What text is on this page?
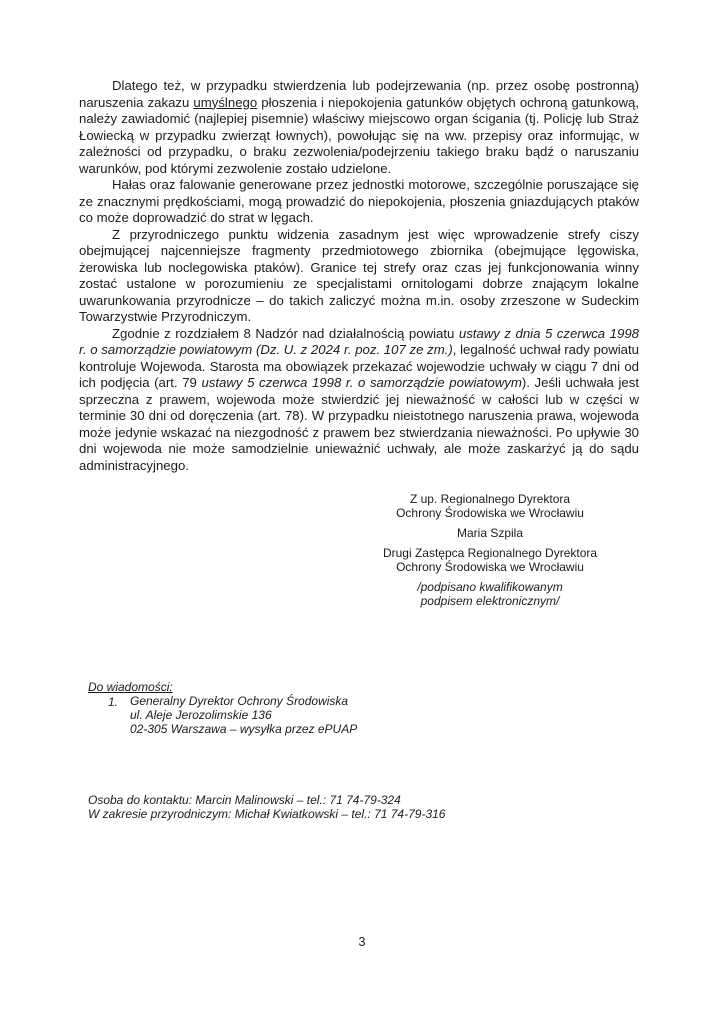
Dlatego też, w przypadku stwierdzenia lub podejrzewania (np. przez osobę postronną) naruszenia zakazu umyślnego płoszenia i niepokojenia gatunków objętych ochroną gatunkową, należy zawiadomić (najlepiej pisemnie) właściwy miejscowo organ ścigania (tj. Policję lub Straż Łowiecką w przypadku zwierząt łownych), powołując się na ww. przepisy oraz informując, w zależności od przypadku, o braku zezwolenia/podejrzeniu takiego braku bądź o naruszaniu warunków, pod którymi zezwolenie zostało udzielone.

Hałas oraz falowanie generowane przez jednostki motorowe, szczególnie poruszające się ze znacznymi prędkościami, mogą prowadzić do niepokojenia, płoszenia gniazdujących ptaków co może doprowadzić do strat w lęgach.

Z przyrodniczego punktu widzenia zasadnym jest więc wprowadzenie strefy ciszy obejmującej najcenniejsze fragmenty przedmiotowego zbiornika (obejmujące lęgowiska, żerowiska lub noclegowiska ptaków). Granice tej strefy oraz czas jej funkcjonowania winny zostać ustalone w porozumieniu ze specjalistami ornitologami dobrze znającym lokalne uwarunkowania przyrodnicze – do takich zaliczyć można m.in. osoby zrzeszone w Sudeckim Towarzystwie Przyrodniczym.

Zgodnie z rozdziałem 8 Nadzór nad działalnością powiatu ustawy z dnia 5 czerwca 1998 r. o samorządzie powiatowym (Dz. U. z 2024 r. poz. 107 ze zm.), legalność uchwał rady powiatu kontroluje Wojewoda. Starosta ma obowiązek przekazać wojewodzie uchwały w ciągu 7 dni od ich podjęcia (art. 79 ustawy 5 czerwca 1998 r. o samorządzie powiatowym). Jeśli uchwała jest sprzeczna z prawem, wojewoda może stwierdzić jej nieważność w całości lub w części w terminie 30 dni od doręczenia (art. 78). W przypadku nieistotnego naruszenia prawa, wojewoda może jedynie wskazać na niezgodność z prawem bez stwierdzania nieważności. Po upływie 30 dni wojewoda nie może samodzielnie unieważnić uchwały, ale może zaskarżyć ją do sądu administracyjnego.

Z up. Regionalnego Dyrektora
Ochrony Środowiska we Wrocławiu
Maria Szpila
Drugi Zastępca Regionalnego Dyrektora
Ochrony Środowiska we Wrocławiu
/podpisano kwalifikowanym
podpisem elektronicznym/
Do wiadomości:
1. Generalny Dyrektor Ochrony Środowiska
ul. Aleje Jerozolimskie 136
02-305 Warszawa – wysyłka przez ePUAP
Osoba do kontaktu: Marcin Malinowski – tel.: 71 74-79-324
W zakresie przyrodniczym: Michał Kwiatkowski – tel.: 71 74-79-316
3
